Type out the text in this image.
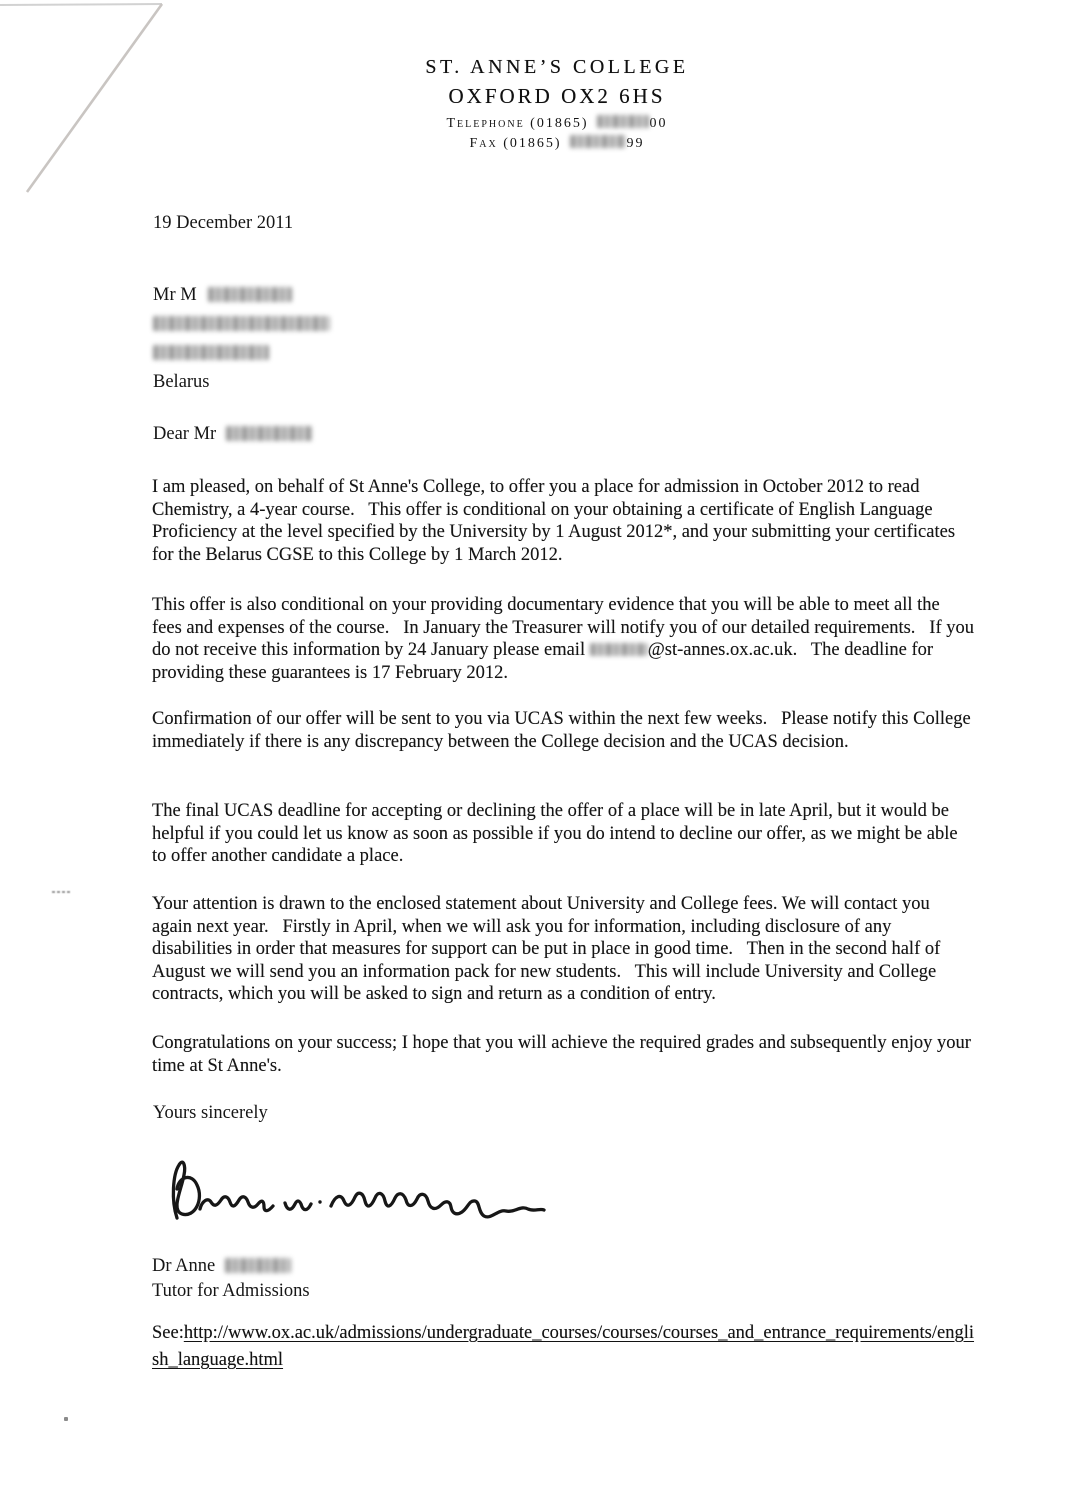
ST. ANNE’S COLLEGE
OXFORD OX2 6HS
Telephone (01865)	00
Fax (01865)	99
19 December 2011
Mr M
Belarus
Dear Mr
I am pleased, on behalf of St Anne's College, to offer you a place for admission in October 2012 to read Chemistry, a 4-year course.   This offer is conditional on your obtaining a certificate of English Language Proficiency at the level specified by the University by 1 August 2012*, and your submitting your certificates for the Belarus CGSE to this College by 1 March 2012.
This offer is also conditional on your providing documentary evidence that you will be able to meet all the fees and expenses of the course.   In January the Treasurer will notify you of our detailed requirements.   If you do not receive this information by 24 January please email	@st-annes.ox.ac.uk.   The deadline for providing these guarantees is 17 February 2012.
Confirmation of our offer will be sent to you via UCAS within the next few weeks.   Please notify this College immediately if there is any discrepancy between the College decision and the UCAS decision.
The final UCAS deadline for accepting or declining the offer of a place will be in late April, but it would be helpful if you could let us know as soon as possible if you do intend to decline our offer, as we might be able to offer another candidate a place.
Your attention is drawn to the enclosed statement about University and College fees. We will contact you again next year.   Firstly in April, when we will ask you for information, including disclosure of any disabilities in order that measures for support can be put in place in good time.   Then in the second half of August we will send you an information pack for new students.   This will include University and College contracts, which you will be asked to sign and return as a condition of entry.
Congratulations on your success; I hope that you will achieve the required grades and subsequently enjoy your time at St Anne's.
Yours sincerely
Dr Anne
Tutor for Admissions
See:http://www.ox.ac.uk/admissions/undergraduate_courses/courses/courses_and_entrance_requirements/english_language.html
